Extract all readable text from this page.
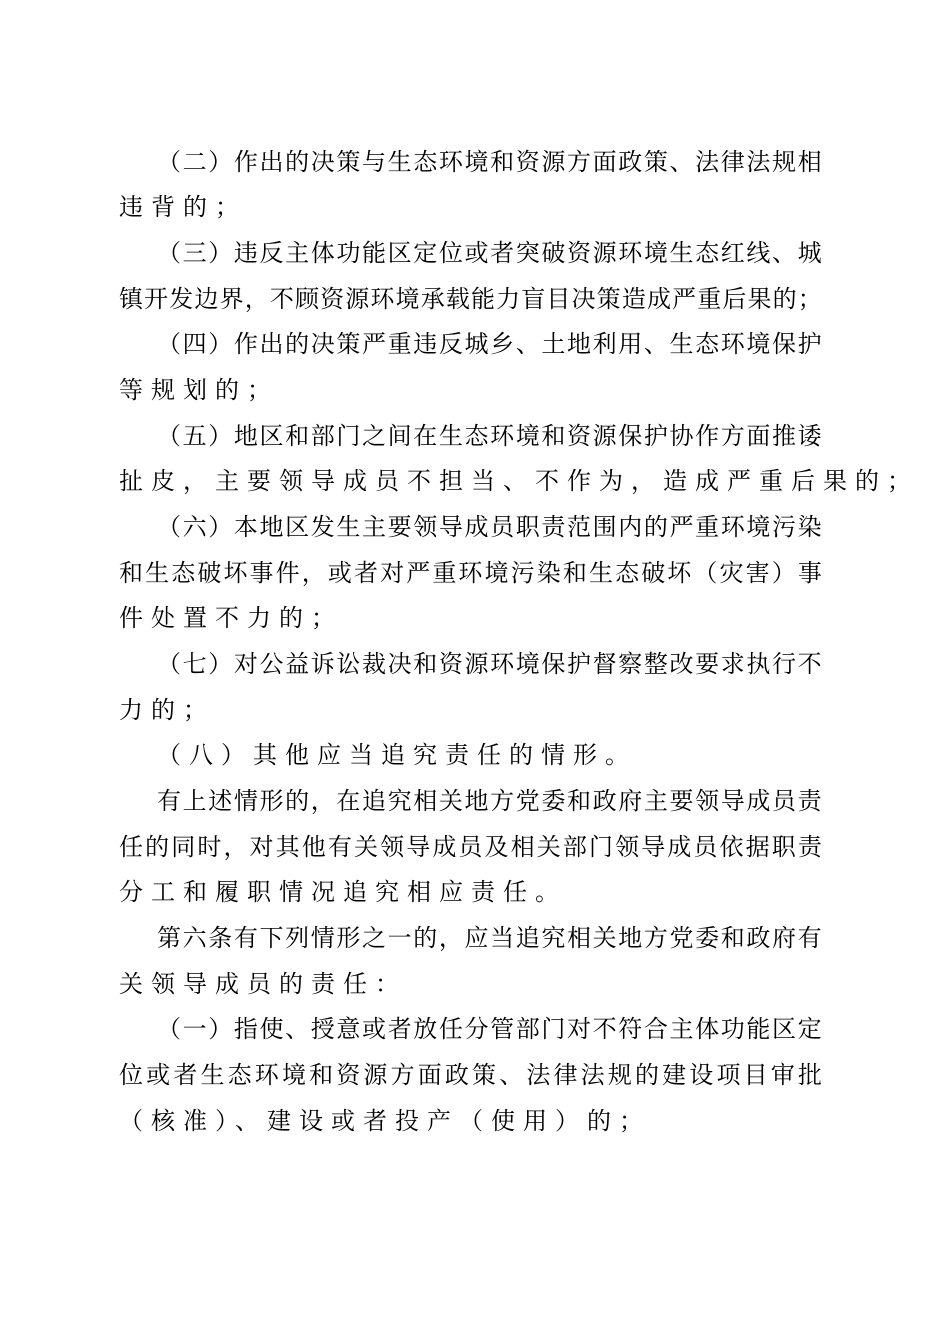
（ 二 ） 作 出 的 决 策 与 生 态 环 境 和 资 源 方 面 政 策 、 法 律 法 规 相

违背的；

（ 三 ） 违 反 主 体 功 能 区 定 位 或 者 突 破 资 源 环 境 生 态 红 线 、 城

镇 开 发 边 界 ， 不 顾 资 源 环 境 承 载 能 力 盲 目 决 策 造 成 严 重 后 果 的 ；

（ 四 ） 作 出 的 决 策 严 重 违 反 城 乡 、 土 地 利 用 、 生 态 环 境 保 护

等规划的；

（ 五 ） 地 区 和 部 门 之 间 在 生 态 环 境 和 资 源 保 护 协 作 方 面 推 诿

扯皮，主要领导成员不担当、不作为，造成严重后果的；

（ 六 ） 本 地 区 发 生 主 要 领 导 成 员 职 责 范 围 内 的 严 重 环 境 污 染

和 生 态 破 坏 事 件 ， 或 者 对 严 重 环 境 污 染 和 生 态 破 坏 （ 灾 害 ） 事

件处置不力的；

（ 七 ） 对 公 益 诉 讼 裁 决 和 资 源 环 境 保 护 督 察 整 改 要 求 执 行 不

力的；

（八）其他应当追究责任的情形。

有 上 述 情 形 的 ， 在 追 究 相 关 地 方 党 委 和 政 府 主 要 领 导 成 员 责

任 的 同 时 ， 对 其 他 有 关 领 导 成 员 及 相 关 部 门 领 导 成 员 依 据 职 责

分工和履职情况追究相应责任。

第 六 条 有 下 列 情 形 之 一 的 ， 应 当 追 究 相 关 地 方 党 委 和 政 府 有

关领导成员的责任：

（ 一 ） 指 使 、 授 意 或 者 放 任 分 管 部 门 对 不 符 合 主 体 功 能 区 定

位 或 者 生 态 环 境 和 资 源 方 面 政 策 、 法 律 法 规 的 建 设 项 目 审 批

（核准）、建设或者投产（使用）的；
